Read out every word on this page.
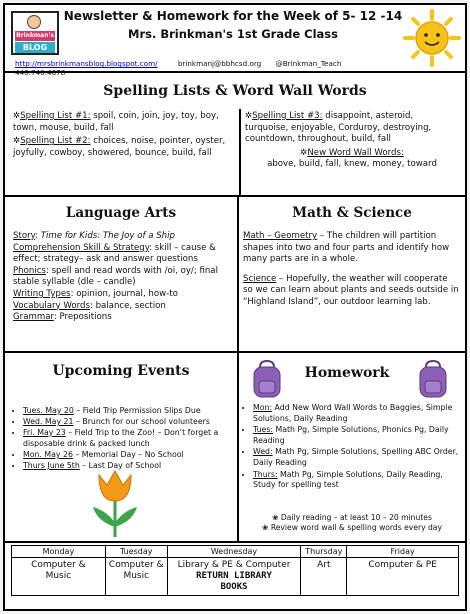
Brinkman's
BLOG
Newsletter & Homework for the Week of 5- 12 -14
Mrs. Brinkman's 1st Grade Class
http://mrsbrinkmansblog.blogspot.com/	brinkmanj@bbhcsd.org @Brinkman_Teach
Spelling Lists & Word Wall Words
✲Spelling List #1: spoil, coin, join, joy, toy, boy, town, mouse, build, fall
✲Spelling List #2: choices, noise, pointer, oyster, joyfully, cowboy, showered, bounce, build, fall
✲Spelling List #3: disappoint, asteroid, turquoise, enjoyable, Corduroy, destroying, countdown, throughout, build, fall
✲New Word Wall Words:
above, build, fall, knew, money, toward
Language Arts
Story: Time for Kids: The Joy of a Ship
Comprehension Skill & Strategy: skill – cause & effect; strategy– ask and answer questions
Phonics: spell and read words with /oi, oy/; final stable syllable (dle – candle)
Writing Types: opinion, journal, how-to
Vocabulary Words: balance, section
Grammar: Prepositions
Math & Science
Math – Geometry – The children will partition shapes into two and four parts and identify how many parts are in a whole.
Science – Hopefully, the weather will cooperate so we can learn about plants and seeds outside in “Highland Island”, our outdoor learning lab.
Upcoming Events
• Tues. May 20 – Field Trip Permission Slips Due
• Wed. May 21 – Brunch for our school volunteers
• Fri. May 23 – Field Trip to the Zoo! – Don’t forget a disposable drink & packed lunch
• Mon. May 26 – Memorial Day – No School
• Thurs June 5th – Last Day of School
Homework
• Mon: Add New Word Wall Words to Baggies, Simple Solutions, Daily Reading
• Tues: Math Pg, Simple Solutions, Phonics Pg, Daily Reading
• Wed: Math Pg, Simple Solutions, Spelling ABC Order, Daily Reading
• Thurs: Math Pg, Simple Solutions, Daily Reading, Study for spelling test
❀ Daily reading – at least 10 – 20 minutes
❀ Review word wall & spelling words every day
Monday	Tuesday	Wednesday	Thursday	Friday
Computer &
Music	Computer &
Music	Library & PE & Computer
RETURN LIBRARY
BOOKS	Art	Computer & PE
